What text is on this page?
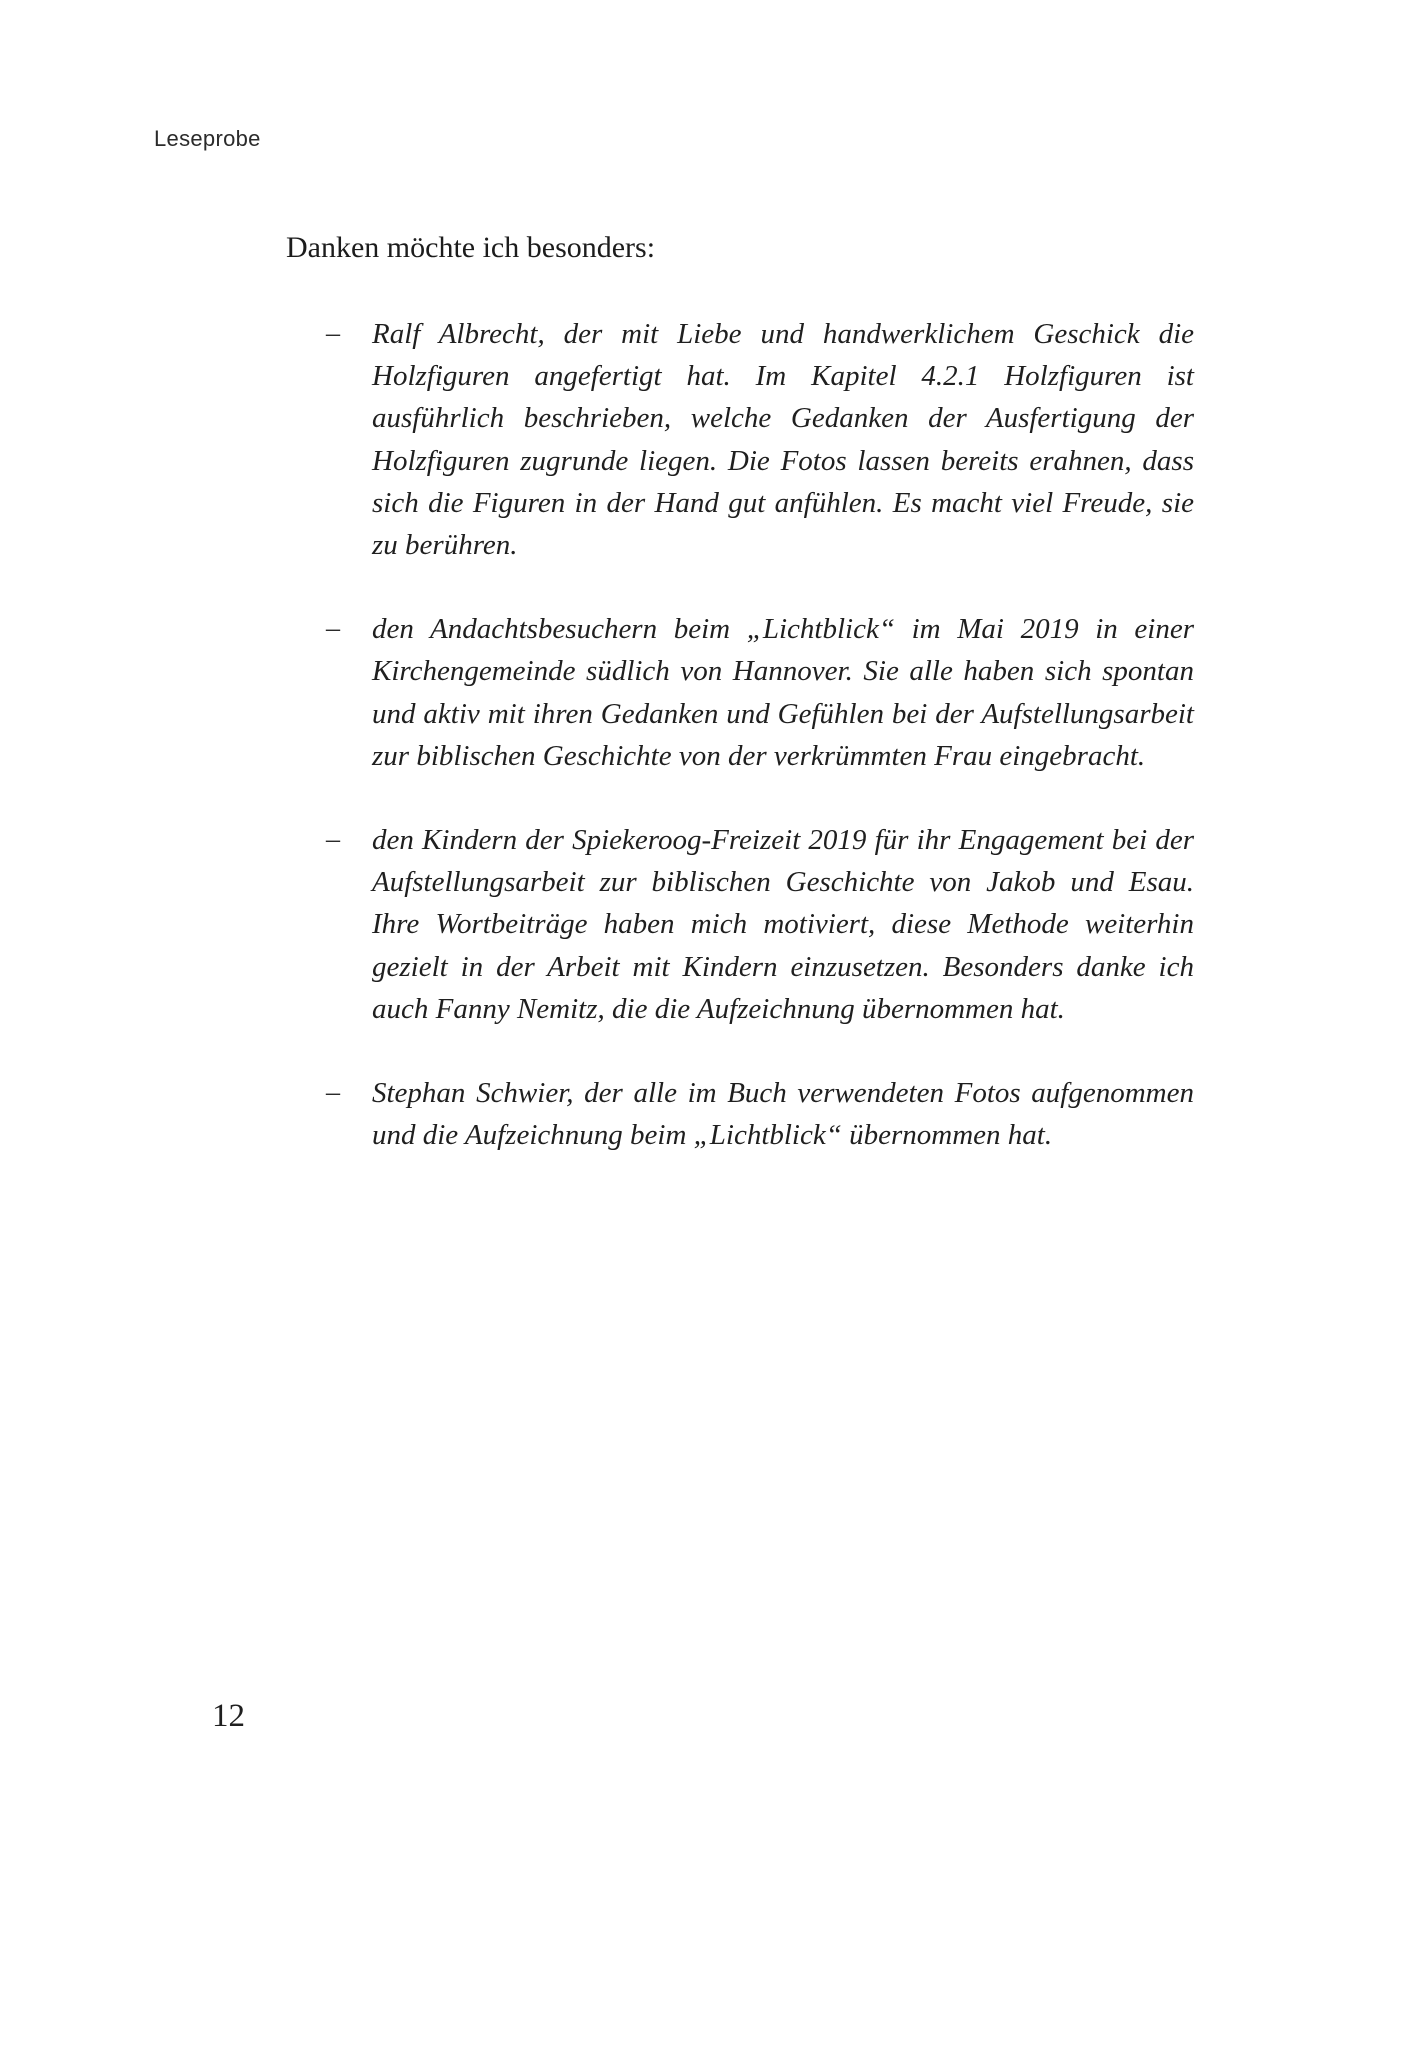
Leseprobe
Danken möchte ich besonders:
–	Ralf Albrecht, der mit Liebe und handwerklichem Geschick die Holzfiguren angefertigt hat. Im Kapitel 4.2.1 Holzfiguren ist ausführlich beschrieben, welche Gedanken der Ausfertigung der Holzfiguren zugrunde liegen. Die Fotos lassen bereits erahnen, dass sich die Figuren in der Hand gut anfühlen. Es macht viel Freude, sie zu berühren.
–	den Andachtsbesuchern beim „Lichtblick“ im Mai 2019 in einer Kirchengemeinde südlich von Hannover. Sie alle haben sich spontan und aktiv mit ihren Gedanken und Gefühlen bei der Aufstellungsarbeit zur biblischen Geschichte von der verkrümmten Frau eingebracht.
–	den Kindern der Spiekeroog-Freizeit 2019 für ihr Engagement bei der Aufstellungsarbeit zur biblischen Geschichte von Jakob und Esau. Ihre Wortbeiträge haben mich motiviert, diese Methode weiterhin gezielt in der Arbeit mit Kindern einzusetzen. Besonders danke ich auch Fanny Nemitz, die die Aufzeichnung übernommen hat.
–	Stephan Schwier, der alle im Buch verwendeten Fotos aufgenommen und die Aufzeichnung beim „Lichtblick“ übernommen hat.
12
